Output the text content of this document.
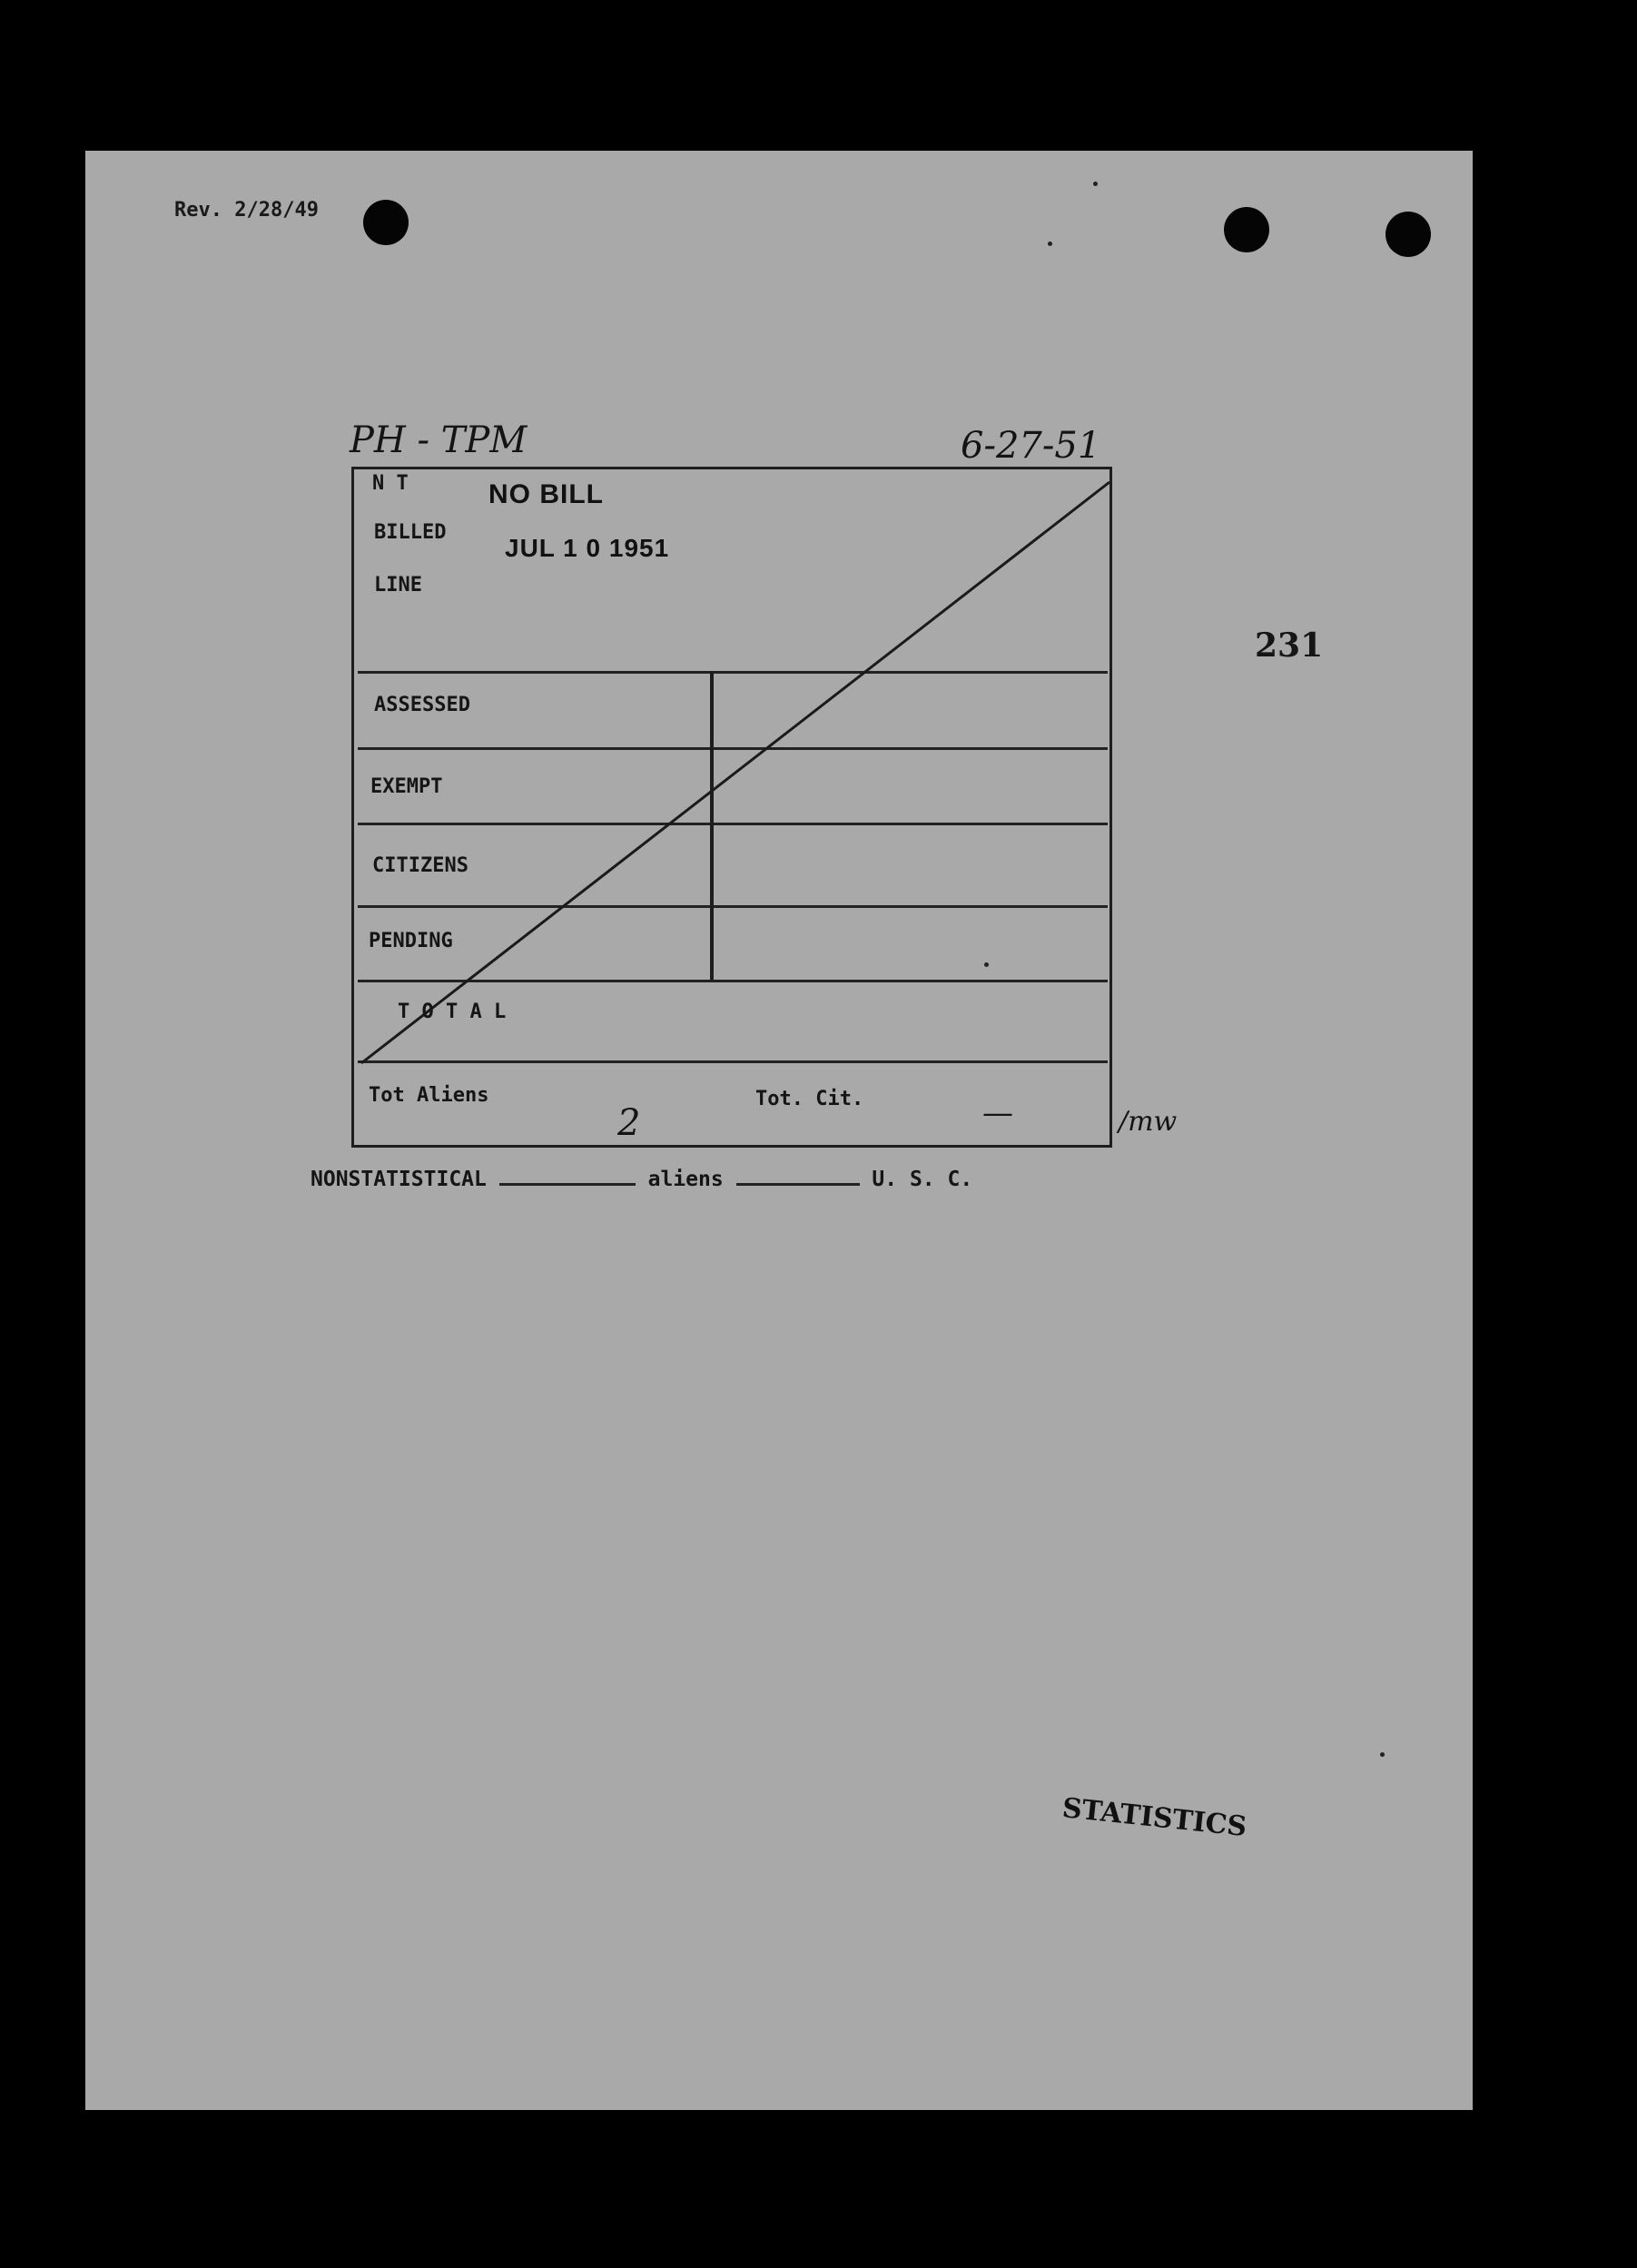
Rev. 2/28/49
PH - TPM	6-27-51
231
N T
BILLED
LINE
NO BILL
JUL 1 0 1951
ASSESSED
EXEMPT
CITIZENS
PENDING
T O T A L
Tot Aliens
2
Tot. Cit.	—	/mw
NONSTATISTICAL	aliens	U. S. C.
STATISTICS
